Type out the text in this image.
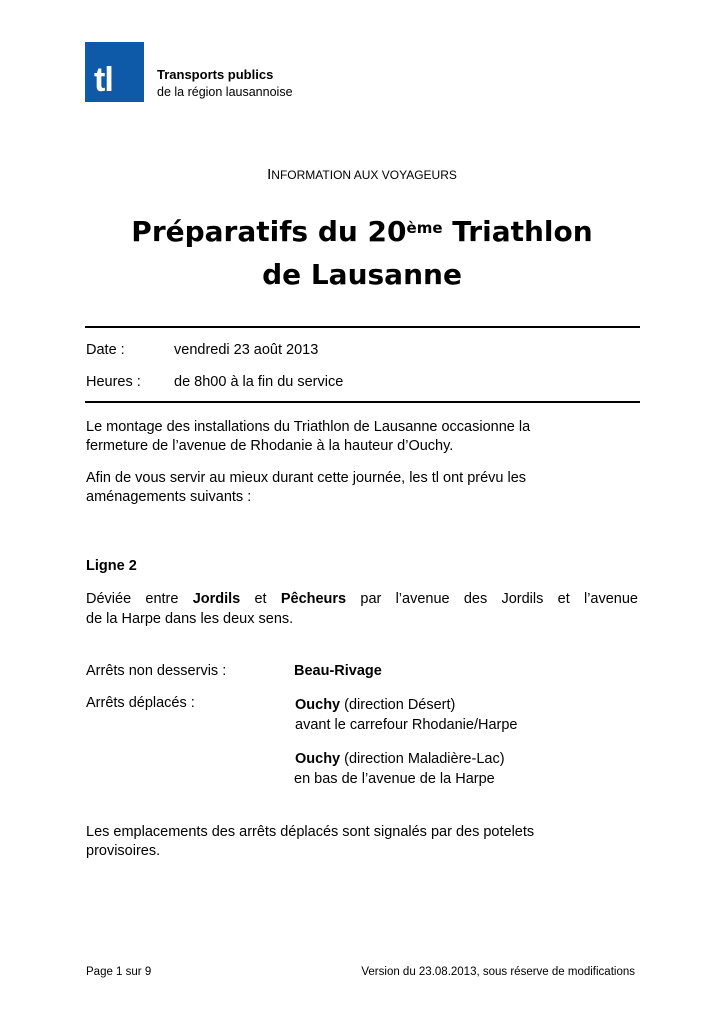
tl	Transports publics
de la région lausannoise
INFORMATION AUX VOYAGEURS
Préparatifs du 20ème Triathlon
de Lausanne
Date :	vendredi 23 août 2013
Heures : de 8h00 à la fin du service
Le montage des installations du Triathlon de Lausanne occasionne la
fermeture de l’avenue de Rhodanie à la hauteur d’Ouchy.
Afin de vous servir au mieux durant cette journée, les tl ont prévu les
aménagements suivants :
Ligne 2
Déviée entre Jordils et Pêcheurs par l’avenue des Jordils et l’avenue
de la Harpe dans les deux sens.
Arrêts non desservis :	Beau-Rivage
Arrêts déplacés :	Ouchy (direction Désert)
avant le carrefour Rhodanie/Harpe
Ouchy (direction Maladière-Lac)
en bas de l’avenue de la Harpe
Les emplacements des arrêts déplacés sont signalés par des potelets
provisoires.
Page 1 sur 9	Version du 23.08.2013, sous réserve de modifications
